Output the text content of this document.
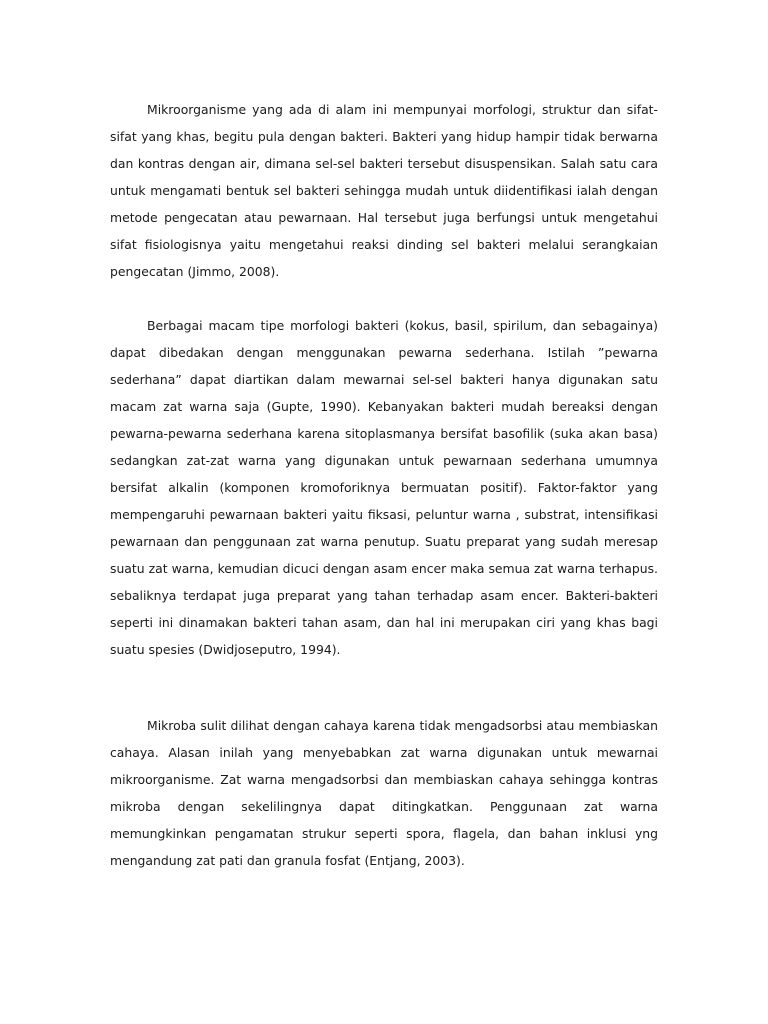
Mikroorganisme yang ada di alam ini mempunyai morfologi, struktur dan sifat-sifat yang khas, begitu pula dengan bakteri. Bakteri yang hidup hampir tidak berwarna dan kontras dengan air, dimana sel-sel bakteri tersebut disuspensikan. Salah satu cara untuk mengamati bentuk sel bakteri sehingga mudah untuk diidentifikasi ialah dengan metode pengecatan atau pewarnaan. Hal tersebut juga berfungsi untuk mengetahui sifat fisiologisnya yaitu mengetahui reaksi dinding sel bakteri melalui serangkaian pengecatan (Jimmo, 2008).

Berbagai macam tipe morfologi bakteri (kokus, basil, spirilum, dan sebagainya) dapat dibedakan dengan menggunakan pewarna sederhana. Istilah ”pewarna sederhana” dapat diartikan dalam mewarnai sel-sel bakteri hanya digunakan satu macam zat warna saja (Gupte, 1990). Kebanyakan bakteri mudah bereaksi dengan pewarna-pewarna sederhana karena sitoplasmanya bersifat basofilik (suka akan basa) sedangkan zat-zat warna yang digunakan untuk pewarnaan sederhana umumnya bersifat alkalin (komponen kromoforiknya bermuatan positif). Faktor-faktor yang mempengaruhi pewarnaan bakteri yaitu fiksasi, peluntur warna , substrat, intensifikasi pewarnaan dan penggunaan zat warna penutup. Suatu preparat yang sudah meresap suatu zat warna, kemudian dicuci dengan asam encer maka semua zat warna terhapus. sebaliknya terdapat juga preparat yang tahan terhadap asam encer. Bakteri-bakteri seperti ini dinamakan bakteri tahan asam, dan hal ini merupakan ciri yang khas bagi suatu spesies (Dwidjoseputro, 1994).

Mikroba sulit dilihat dengan cahaya karena tidak mengadsorbsi atau membiaskan cahaya. Alasan inilah yang menyebabkan zat warna digunakan untuk mewarnai mikroorganisme. Zat warna mengadsorbsi dan membiaskan cahaya sehingga kontras mikroba dengan sekelilingnya dapat ditingkatkan. Penggunaan zat warna memungkinkan pengamatan strukur seperti spora, flagela, dan bahan inklusi yng mengandung zat pati dan granula fosfat (Entjang, 2003).
